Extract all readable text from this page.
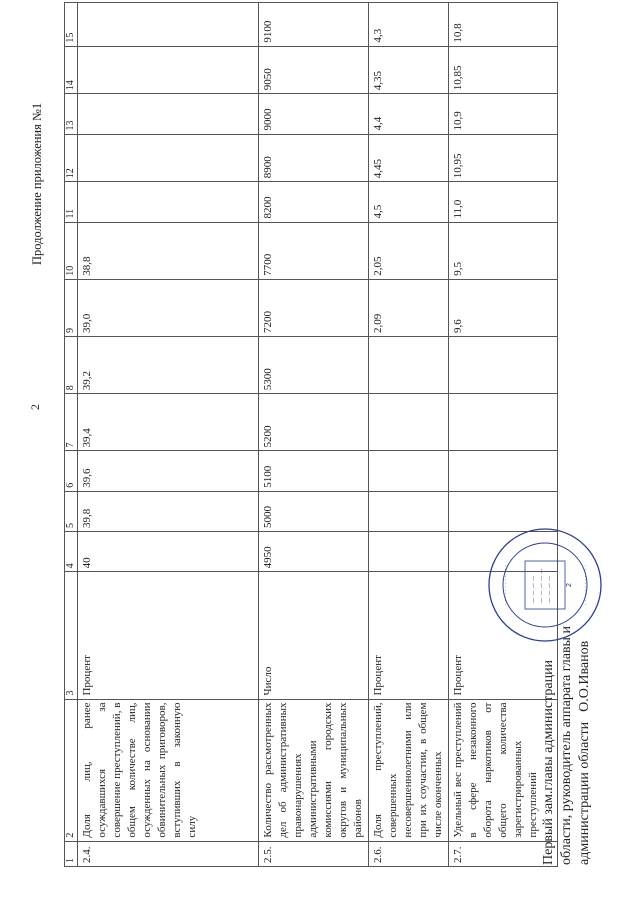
2
Продолжение приложения №1
1	2	3	4	5	6	7	8	9	10	11	12	13	14	15
2.4.	Доля лиц, ранее осуждавшихся за совершение преступлений, в общем количестве лиц, осужденных на основании обвинительных приговоров, вступивших в законную силу	Процент	40	39,8	39,6	39,4	39,2	39,0	38,8					
2.5.	Количество рассмотренных дел об административных правонарушениях административными комиссиями городских округов и муниципальных районов	Число	4950	5000	5100	5200	5300	7200	7700	8200	8900	9000	9050	9100
2.6.	Доля преступлений, совершенных несовершеннолетними или при их соучастии, в общем числе оконченных	Процент						2,09	2,05	4,5	4,45	4,4	4,35	4,3
2.7.	Удельный вес преступлений в сфере незаконного оборота наркотиков от общего количества зарегистрированных преступлений	Процент						9,6	9,5	11,0	10,95	10,9	10,85	10,8
· · · · · · · · · · · ·	· · · · · · · · · · · ·
— — — — — — — — — — — — — — — — 2
Первый зам.главы администрации области, руководитель аппарата главы и администрации областиО.О.Иванов
